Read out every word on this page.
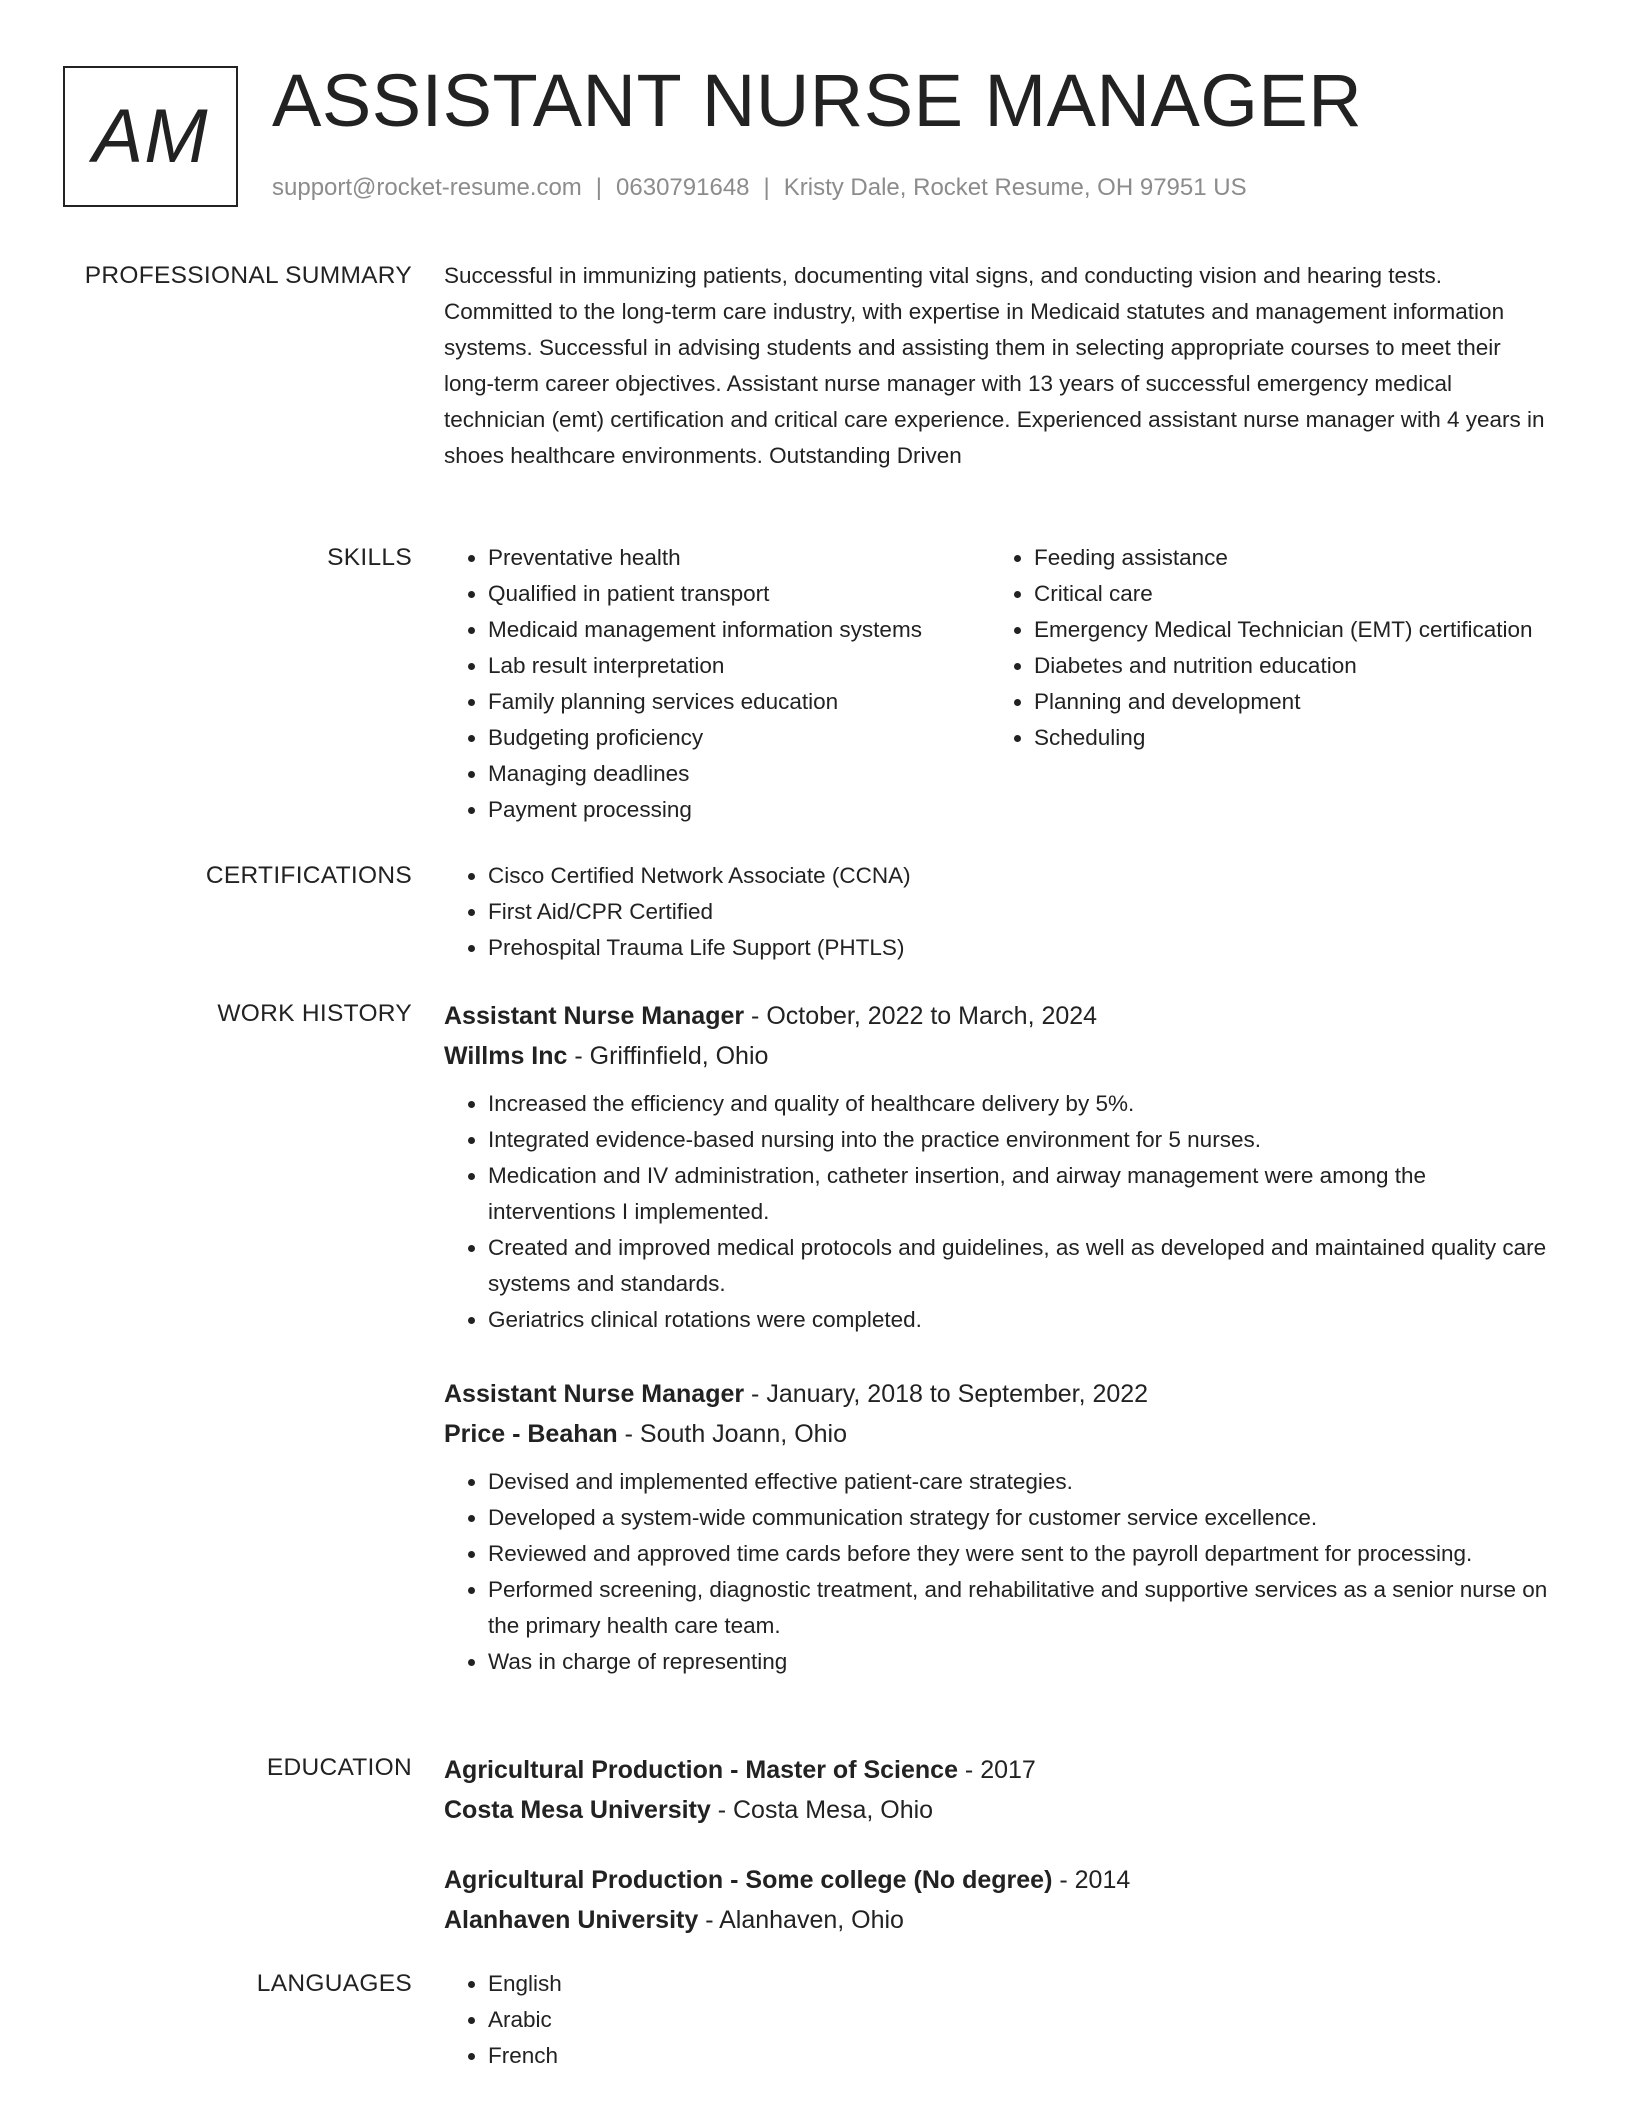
AM ASSISTANT NURSE MANAGER
support@rocket-resume.com | 0630791648 | Kristy Dale, Rocket Resume, OH 97951 US
PROFESSIONAL SUMMARY Successful in immunizing patients, documenting vital signs, and conducting vision and hearing tests. Committed to the long-term care industry, with expertise in Medicaid statutes and management information systems. Successful in advising students and assisting them in selecting appropriate courses to meet their long-term career objectives. Assistant nurse manager with 13 years of successful emergency medical technician (emt) certification and critical care experience. Experienced assistant nurse manager with 4 years in shoes healthcare environments. Outstanding Driven

SKILLS	• Preventative health
• Qualified in patient transport
• Medicaid management information systems
• Lab result interpretation
• Family planning services education
• Budgeting proficiency
• Managing deadlines
• Payment processing
• Feeding assistance
• Critical care
• Emergency Medical Technician (EMT) certification
• Diabetes and nutrition education
• Planning and development
• Scheduling
CERTIFICATIONS	• Cisco Certified Network Associate (CCNA)
• First Aid/CPR Certified
• Prehospital Trauma Life Support (PHTLS)
WORK HISTORY Assistant Nurse Manager - October, 2022 to March, 2024
Willms Inc - Griffinfield, Ohio
• Increased the efficiency and quality of healthcare delivery by 5%.
• Integrated evidence-based nursing into the practice environment for 5 nurses.
• Medication and IV administration, catheter insertion, and airway management were among the interventions I implemented.
• Created and improved medical protocols and guidelines, as well as developed and maintained quality care systems and standards.
• Geriatrics clinical rotations were completed.
Assistant Nurse Manager - January, 2018 to September, 2022
Price - Beahan - South Joann, Ohio
• Devised and implemented effective patient-care strategies.
• Developed a system-wide communication strategy for customer service excellence.
• Reviewed and approved time cards before they were sent to the payroll department for processing.
• Performed screening, diagnostic treatment, and rehabilitative and supportive services as a senior nurse on the primary health care team.
• Was in charge of representing
EDUCATION Agricultural Production - Master of Science - 2017
Costa Mesa University - Costa Mesa, Ohio
Agricultural Production - Some college (No degree) - 2014
Alanhaven University - Alanhaven, Ohio
LANGUAGES	• English
• Arabic
• French
